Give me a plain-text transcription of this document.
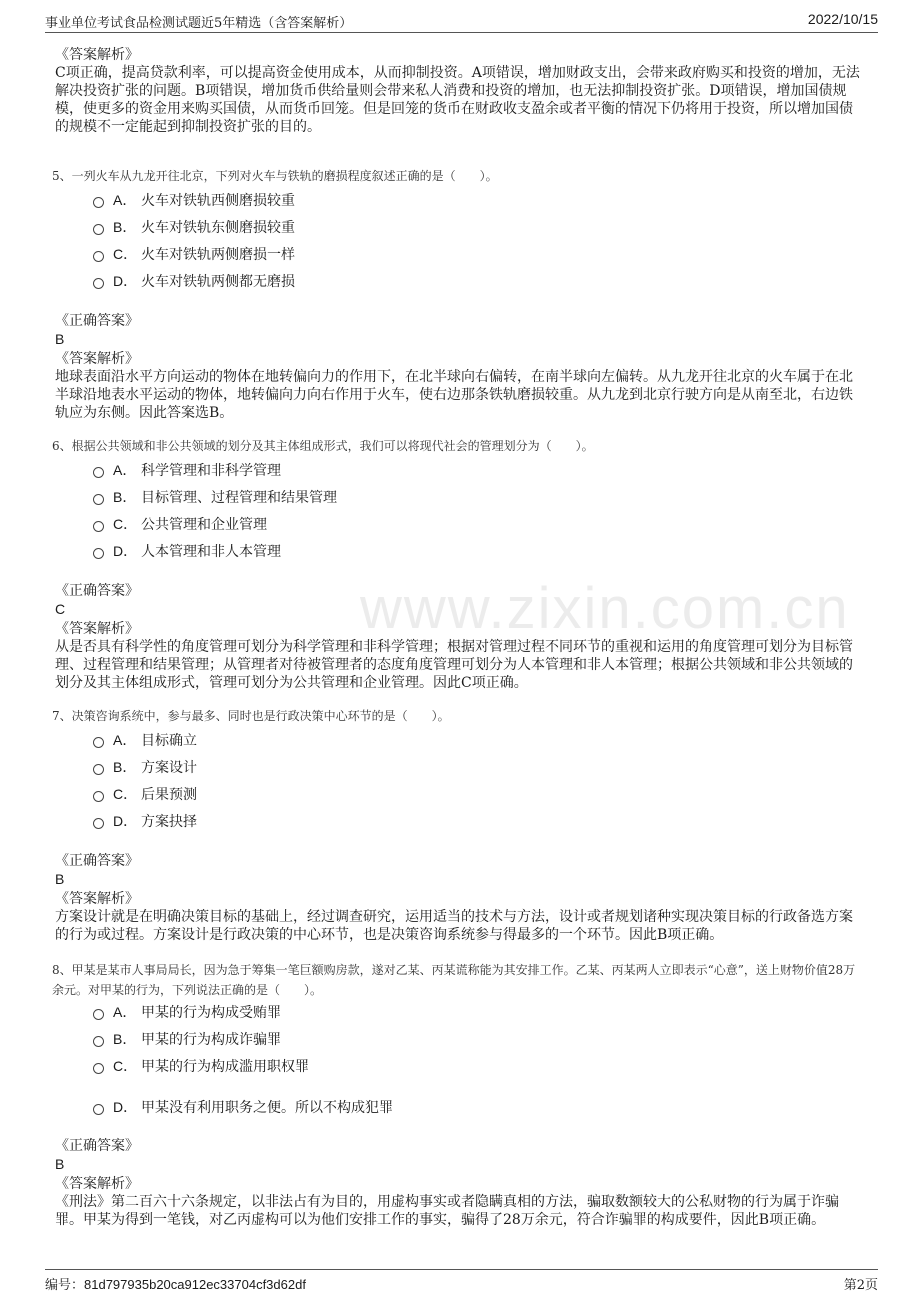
事业单位考试食品检测试题近5年精选（含答案解析）	2022/10/15
www.zixin.com.cn
《答案解析》
C项正确，提高贷款利率，可以提高资金使用成本，从而抑制投资。A项错误，增加财政支出，会带来政府购买和投资的增加，无法解决投资扩张的问题。B项错误，增加货币供给量则会带来私人消费和投资的增加，也无法抑制投资扩张。D项错误，增加国债规模，使更多的资金用来购买国债，从而货币回笼。但是回笼的货币在财政收支盈余或者平衡的情况下仍将用于投资，所以增加国债的规模不一定能起到抑制投资扩张的目的。
5、一列火车从九龙开往北京，下列对火车与铁轨的磨损程度叙述正确的是（　　）。
A． 火车对铁轨西侧磨损较重
B． 火车对铁轨东侧磨损较重
C． 火车对铁轨两侧磨损一样
D． 火车对铁轨两侧都无磨损
《正确答案》
B
《答案解析》
地球表面沿水平方向运动的物体在地转偏向力的作用下，在北半球向右偏转，在南半球向左偏转。从九龙开往北京的火车属于在北半球沿地表水平运动的物体，地转偏向力向右作用于火车，使右边那条铁轨磨损较重。从九龙到北京行驶方向是从南至北，右边铁轨应为东侧。因此答案选B。
6、根据公共领域和非公共领域的划分及其主体组成形式，我们可以将现代社会的管理划分为（　　）。
A． 科学管理和非科学管理
B． 目标管理、过程管理和结果管理
C． 公共管理和企业管理
D． 人本管理和非人本管理
《正确答案》
C
《答案解析》
从是否具有科学性的角度管理可划分为科学管理和非科学管理；根据对管理过程不同环节的重视和运用的角度管理可划分为目标管理、过程管理和结果管理；从管理者对待被管理者的态度角度管理可划分为人本管理和非人本管理；根据公共领域和非公共领域的划分及其主体组成形式，管理可划分为公共管理和企业管理。因此C项正确。
7、决策咨询系统中，参与最多、同时也是行政决策中心环节的是（　　）。
A． 目标确立
B． 方案设计
C． 后果预测
D． 方案抉择
《正确答案》
B
《答案解析》
方案设计就是在明确决策目标的基础上，经过调查研究，运用适当的技术与方法，设计或者规划诸种实现决策目标的行政备选方案的行为或过程。方案设计是行政决策的中心环节，也是决策咨询系统参与得最多的一个环节。因此B项正确。
8、甲某是某市人事局局长，因为急于筹集一笔巨额购房款，遂对乙某、丙某谎称能为其安排工作。乙某、丙某两人立即表示“心意”，送上财物价值28万余元。对甲某的行为，下列说法正确的是（　　）。
A． 甲某的行为构成受贿罪
B． 甲某的行为构成诈骗罪
C． 甲某的行为构成滥用职权罪
D． 甲某没有利用职务之便。所以不构成犯罪
《正确答案》
B
《答案解析》
《刑法》第二百六十六条规定，以非法占有为目的，用虚构事实或者隐瞒真相的方法，骗取数额较大的公私财物的行为属于诈骗罪。甲某为得到一笔钱，对乙丙虚构可以为他们安排工作的事实，骗得了28万余元，符合诈骗罪的构成要件，因此B项正确。
编号：81d797935b20ca912ec33704cf3d62df	第2页
